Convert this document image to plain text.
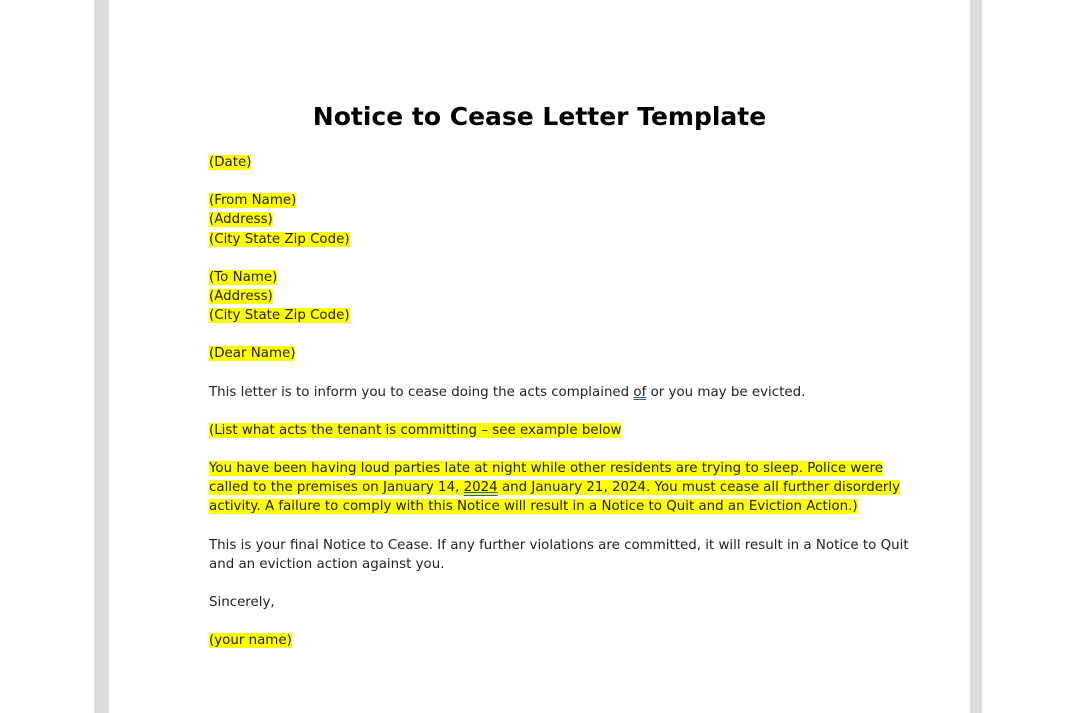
Notice to Cease Letter Template
(Date)
(From Name)
(Address)
(City State Zip Code)
(To Name)
(Address)
(City State Zip Code)
(Dear Name)
This letter is to inform you to cease doing the acts complained of or you may be evicted.
(List what acts the tenant is committing – see example below
You have been having loud parties late at night while other residents are trying to sleep. Police were
called to the premises on January 14, 2024 and January 21, 2024. You must cease all further disorderly
activity. A failure to comply with this Notice will result in a Notice to Quit and an Eviction Action.)
This is your final Notice to Cease. If any further violations are committed, it will result in a Notice to Quit
and an eviction action against you.
Sincerely,
(your name)
